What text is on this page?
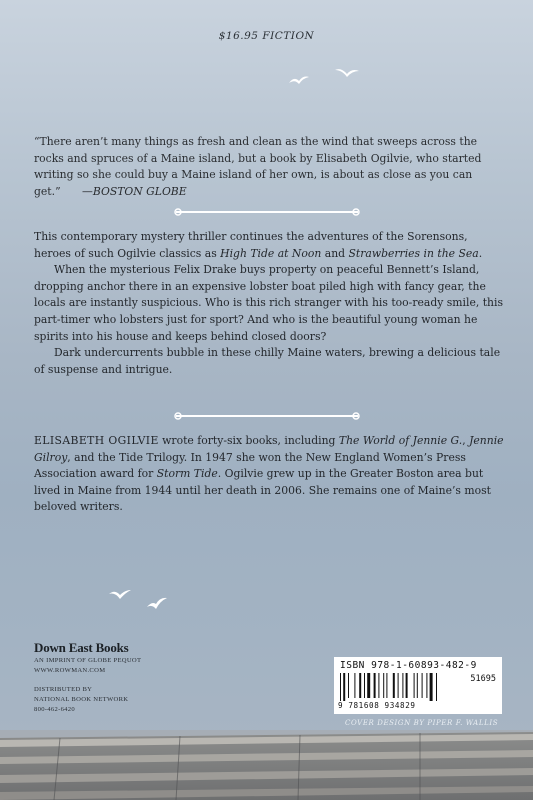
$16.95 FICTION
“There aren’t many things as fresh and clean as the wind that sweeps across the rocks and spruces of a Maine island, but a book by Elisabeth Ogilvie, who started writing so she could buy a Maine island of her own, is about as close as you can get.” —BOSTON GLOBE

This contemporary mystery thriller continues the adventures of the Sorensons, heroes of such Ogilvie classics as High Tide at Noon and Strawberries in the Sea.

When the mysterious Felix Drake buys property on peaceful Bennett’s Island, dropping anchor there in an expensive lobster boat piled high with fancy gear, the locals are instantly suspicious. Who is this rich stranger with his too-ready smile, this part-timer who lobsters just for sport? And who is the beautiful young woman he spirits into his house and keeps behind closed doors?

Dark undercurrents bubble in these chilly Maine waters, brewing a delicious tale of suspense and intrigue.

ELISABETH OGILVIE wrote forty-six books, including The World of Jennie G., Jennie Gilroy, and the Tide Trilogy. In 1947 she won the New England Women’s Press Association award for Storm Tide. Ogilvie grew up in the Greater Boston area but lived in Maine from 1944 until her death in 2006. She remains one of Maine’s most beloved writers.
Down East Books
AN IMPRINT OF GLOBE PEQUOT
WWW.ROWMAN.COM
DISTRIBUTED BY
NATIONAL BOOK NETWORK
800-462-6420
ISBN 978-1-60893-482-9
51695
9 781608 934829
COVER DESIGN BY PIPER F. WALLIS
